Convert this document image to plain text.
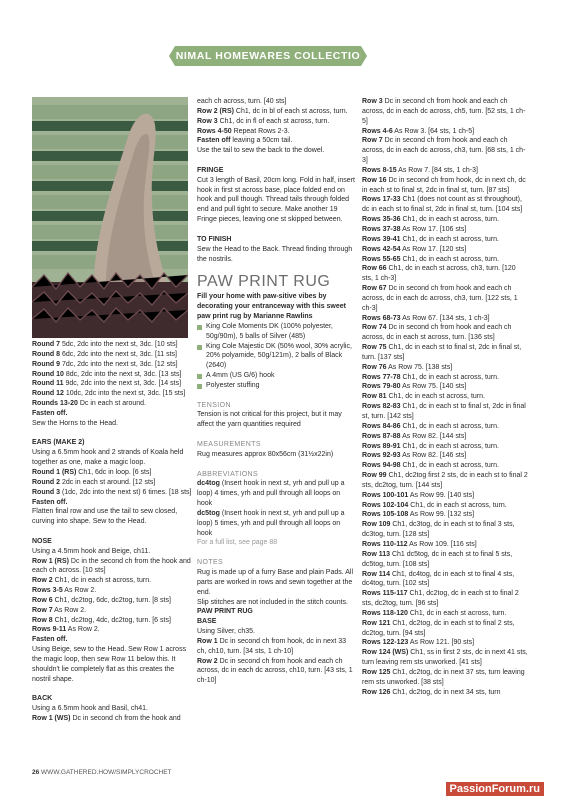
ANIMAL HOMEWARES COLLECTION

Round 7 5dc, 2dc into the next st, 3dc. [10 sts]

Round 8 6dc, 2dc into the next st, 3dc. [11 sts]

Round 9 7dc, 2dc into the next st, 3dc. [12 sts]

Round 10 8dc, 2dc into the next st, 3dc. [13 sts]

Round 11 9dc, 2dc into the next st, 3dc. [14 sts]

Round 12 10dc, 2dc into the next st, 3dc. [15 sts]

Rounds 13-20 Dc in each st around.

Fasten off.

Sew the Horns to the Head.

EARS (MAKE 2)

Using a 6.5mm hook and 2 strands of Koala held together as one, make a magic loop.

Round 1 (RS) Ch1, 6dc in loop. [6 sts]

Round 2 2dc in each st around. [12 sts]

Round 3 (1dc, 2dc into the next st) 6 times. [18 sts]

Fasten off.

Flatten final row and use the tail to sew closed, curving into shape. Sew to the Head.

NOSE

Using a 4.5mm hook and Beige, ch11.

Row 1 (RS) Dc in the second ch from the hook and each ch across. [10 sts]

Row 2 Ch1, dc in each st across, turn.

Rows 3-5 As Row 2.

Row 6 Ch1, dc2tog, 6dc, dc2tog, turn. [8 sts]

Row 7 As Row 2.

Row 8 Ch1, dc2tog, 4dc, dc2tog, turn. [6 sts]

Rows 9-11 As Row 2.

Fasten off.

Using Beige, sew to the Head. Sew Row 1 across the magic loop, then sew Row 11 below this. It shouldn't lie completely flat as this creates the nostril shape.

BACK

Using a 6.5mm hook and Basil, ch41.

Row 1 (WS) Dc in second ch from the hook and

each ch across, turn. [40 sts]

Row 2 (RS) Ch1, dc in bl of each st across, turn.

Row 3 Ch1, dc in fl of each st across, turn.

Rows 4-50 Repeat Rows 2-3.

Fasten off leaving a 50cm tail.

Use the tail to sew the back to the dowel.

FRINGE

Cut 3 length of Basil, 20cm long. Fold in half, insert hook in first st across base, place folded end on hook and pull though. Thread tails through folded end and pull tight to secure. Make another 19 Fringe pieces, leaving one st skipped between.

TO FINISH

Sew the Head to the Back. Thread finding through the nostrils.

PAW PRINT RUG

Fill your home with paw-sitive vibes by decorating your entranceway with this sweet paw print rug by Marianne Rawlins

King Cole Moments DK (100% polyester, 50g/90m), 5 balls of Silver (485)

King Cole Majestic DK (50% wool, 30% acrylic, 20% polyamide, 50g/121m), 2 balls of Black (2640)

A 4mm (US G/6) hook

Polyester stuffing

TENSION

Tension is not critical for this project, but it may affect the yarn quantities required

MEASUREMENTS

Rug measures approx 80x56cm (31½x22in)

ABBREVIATIONS

dc4tog (Insert hook in next st, yrh and pull up a loop) 4 times, yrh and pull through all loops on hook

dc5tog (Insert hook in next st, yrh and pull up a loop) 5 times, yrh and pull through all loops on hook

For a full list, see page 88

NOTES

Rug is made up of a furry Base and plain Pads. All parts are worked in rows and sewn together at the end.

Slip stitches are not included in the stitch counts.

PAW PRINT RUG

BASE

Using Silver, ch35.

Row 1 Dc in second ch from hook, dc in next 33 ch, ch10, turn. [34 sts, 1 ch-10]

Row 2 Dc in second ch from hook and each ch across, dc in each dc across, ch10, turn. [43 sts, 1 ch-10]

Row 3 Dc in second ch from hook and each ch across, dc in each dc across, ch5, turn. [52 sts, 1 ch-5]

Rows 4-6 As Row 3. [64 sts, 1 ch-5]

Row 7 Dc in second ch from hook and each ch across, dc in each dc across, ch3, turn. [68 sts, 1 ch-3]

Rows 8-15 As Row 7. [84 sts, 1 ch-3]

Row 16 Dc in second ch from hook, dc in next ch, dc in each st to final st, 2dc in final st, turn. [87 sts]

Rows 17-33 Ch1 (does not count as st throughout), dc in each st to final st, 2dc in final st, turn. [104 sts]

Rows 35-36 Ch1, dc in each st across, turn.

Rows 37-38 As Row 17. [106 sts]

Rows 39-41 Ch1, dc in each st across, turn.

Rows 42-54 As Row 17. [120 sts]

Rows 55-65 Ch1, dc in each st across, turn.

Row 66 Ch1, dc in each st across, ch3, turn. [120 sts, 1 ch-3]

Row 67 Dc in second ch from hook and each ch across, dc in each dc across, ch3, turn. [122 sts, 1 ch-3]

Rows 68-73 As Row 67. [134 sts, 1 ch-3]

Row 74 Dc in second ch from hook and each ch across, dc in each st across, turn. [136 sts]

Row 75 Ch1, dc in each st to final st, 2dc in final st, turn. [137 sts]

Row 76 As Row 75. [138 sts]

Rows 77-78 Ch1, dc in each st across, turn.

Rows 79-80 As Row 75. [140 sts]

Row 81 Ch1, dc in each st across, turn.

Rows 82-83 Ch1, dc in each st to final st, 2dc in final st, turn. [142 sts]

Rows 84-86 Ch1, dc in each st across, turn.

Rows 87-88 As Row 82. [144 sts]

Rows 89-91 Ch1, dc in each st across, turn.

Rows 92-93 As Row 82. [146 sts]

Rows 94-98 Ch1, dc in each st across, turn.

Row 99 Ch1, dc2tog first 2 sts, dc in each st to final 2 sts, dc2tog, turn. [144 sts]

Rows 100-101 As Row 99. [140 sts]

Rows 102-104 Ch1, dc in each st across, turn.

Rows 105-108 As Row 99. [132 sts]

Row 109 Ch1, dc3tog, dc in each st to final 3 sts, dc3tog, turn. [128 sts]

Rows 110-112 As Row 109. [116 sts]

Row 113 Ch1 dc5tog, dc in each st to final 5 sts, dc5tog, turn. [108 sts]

Row 114 Ch1, dc4tog, dc in each st to final 4 sts, dc4tog, turn. [102 sts]

Rows 115-117 Ch1, dc2tog, dc in each st to final 2 sts, dc2tog, turn. [96 sts]

Rows 118-120 Ch1, dc in each st across, turn.

Row 121 Ch1, dc2tog, dc in each st to final 2 sts, dc2tog, turn. [94 sts]

Rows 122-123 As Row 121. [90 sts]

Row 124 (WS) Ch1, ss in first 2 sts, dc in next 41 sts, turn leaving rem sts unworked. [41 sts]

Row 125 Ch1, dc2tog, dc in next 37 sts, turn leaving rem sts unworked. [38 sts]

Row 126 Ch1, dc2tog, dc in next 34 sts, turn

26 WWW.GATHERED.HOW/SIMPLYCROCHET
PassionForum.ru
